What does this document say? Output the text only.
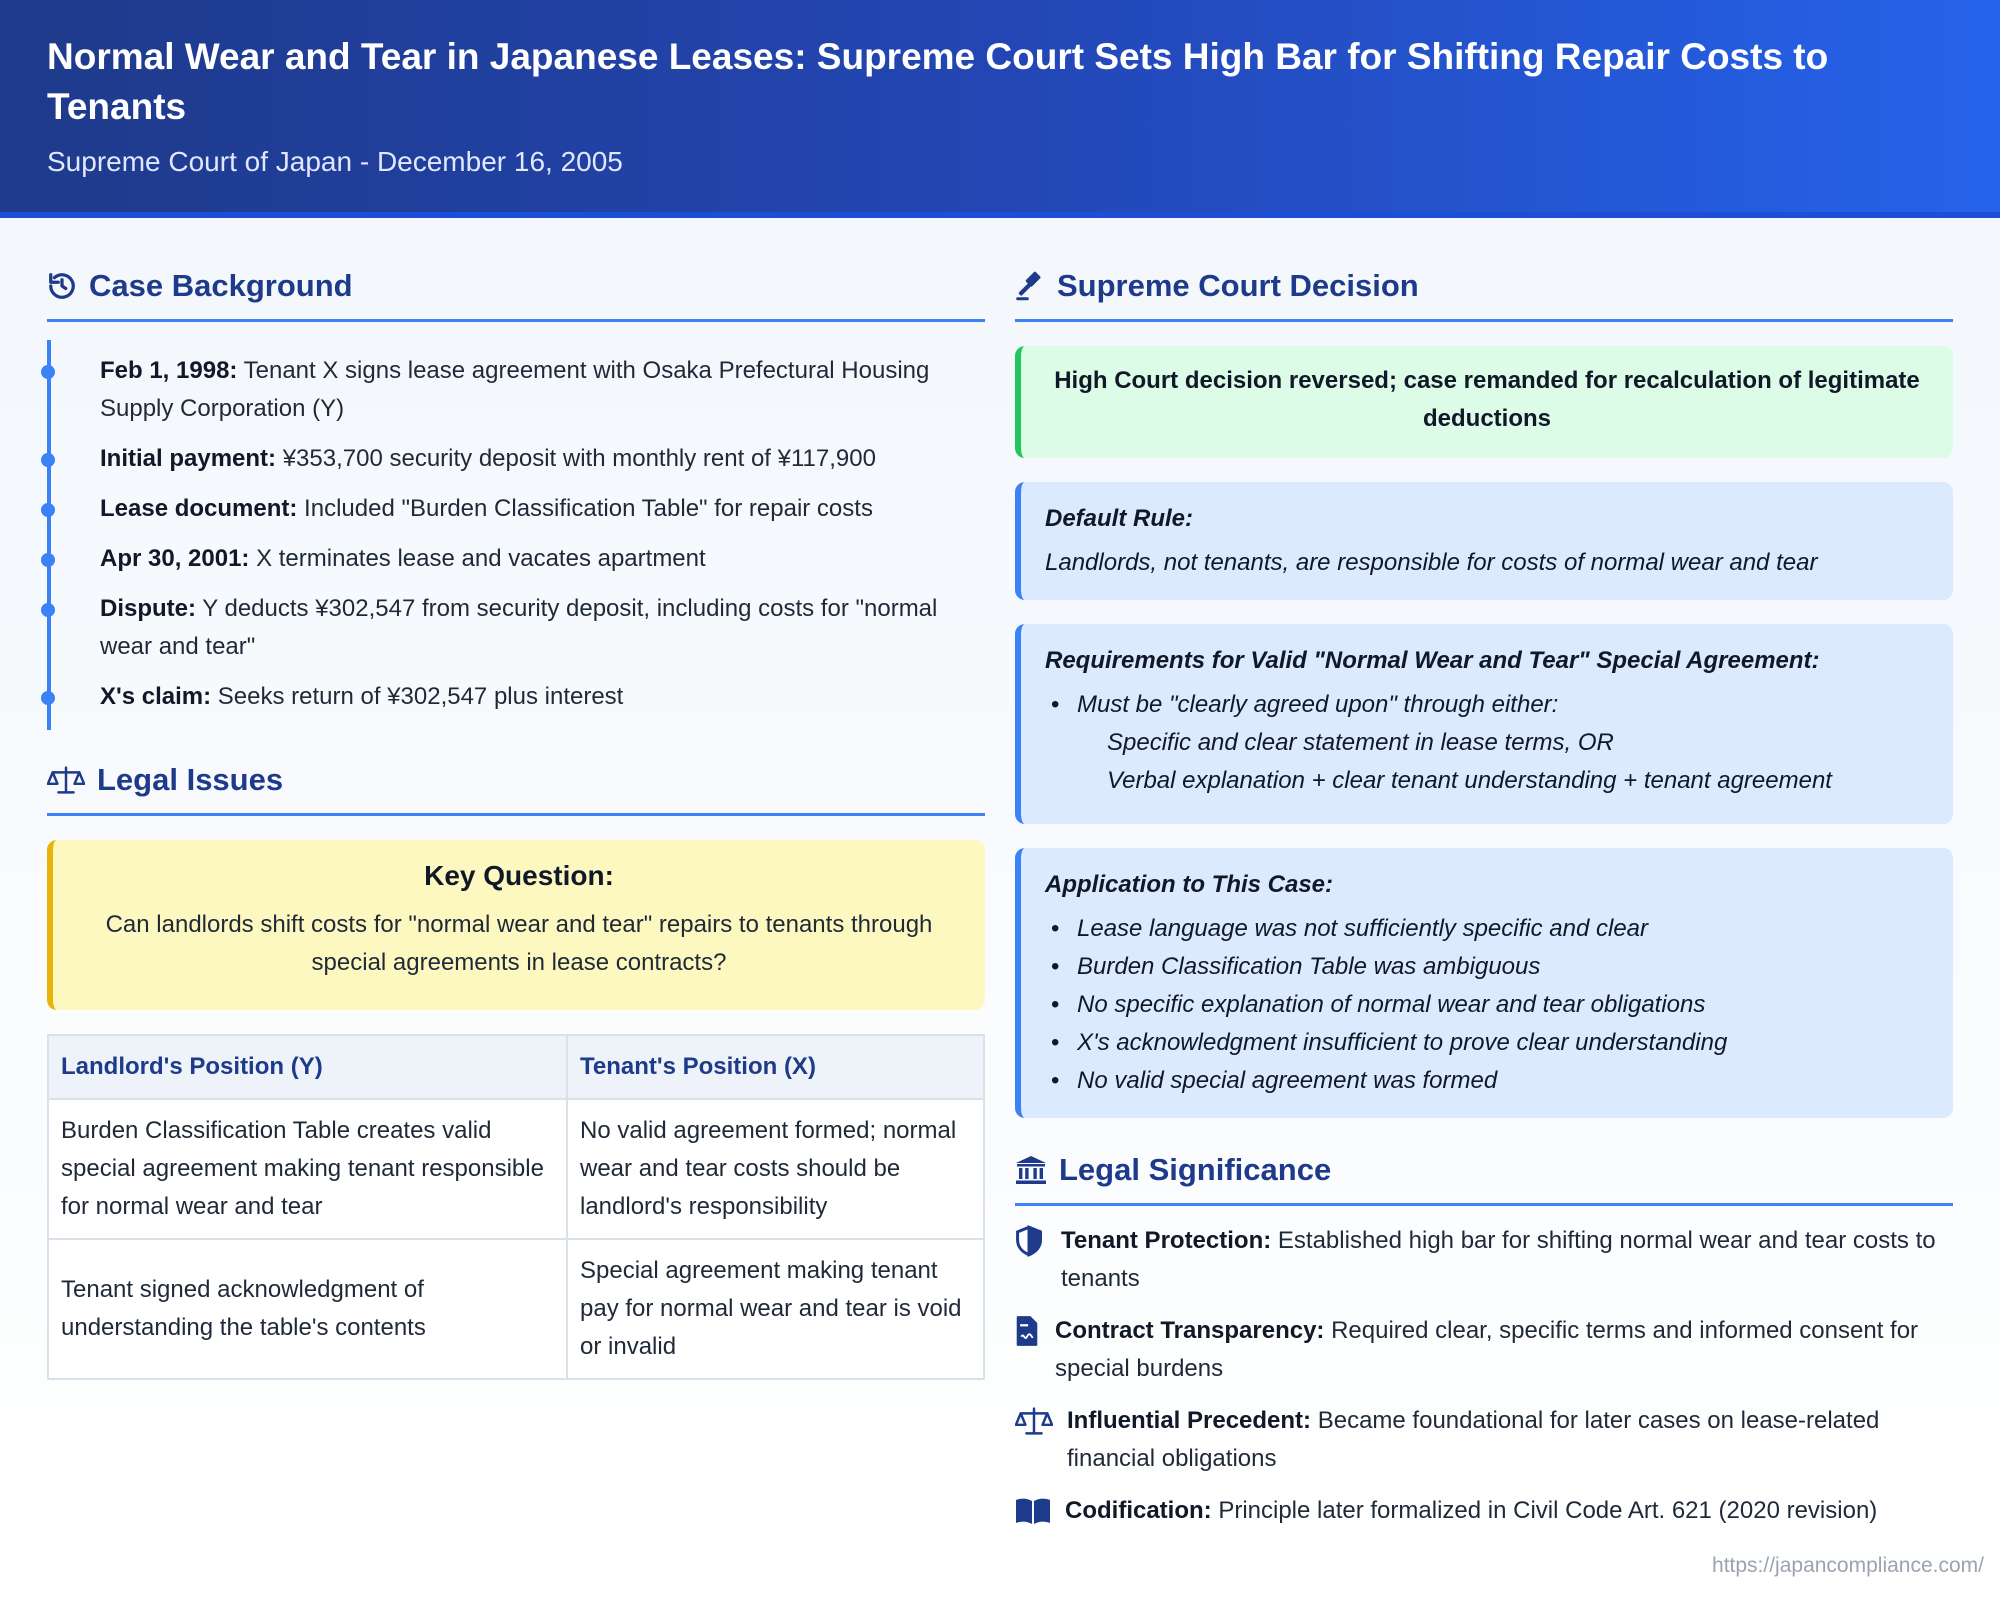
Normal Wear and Tear in Japanese Leases: Supreme Court Sets High Bar for Shifting Repair Costs to Tenants
Supreme Court of Japan - December 16, 2005
Case Background
Feb 1, 1998: Tenant X signs lease agreement with Osaka Prefectural Housing Supply Corporation (Y)
Initial payment: ¥353,700 security deposit with monthly rent of ¥117,900
Lease document: Included "Burden Classification Table" for repair costs
Apr 30, 2001: X terminates lease and vacates apartment
Dispute: Y deducts ¥302,547 from security deposit, including costs for "normal wear and tear"
X's claim: Seeks return of ¥302,547 plus interest
Legal Issues
Key Question:
Can landlords shift costs for "normal wear and tear" repairs to tenants through special agreements in lease contracts?
Landlord's Position (Y)	Tenant's Position (X)
Burden Classification Table creates valid special agreement making tenant responsible for normal wear and tear	No valid agreement formed; normal wear and tear costs should be landlord's responsibility
Tenant signed acknowledgment of understanding the table's contents	Special agreement making tenant pay for normal wear and tear is void or invalid
Supreme Court Decision
High Court decision reversed; case remanded for recalculation of legitimate deductions
Default Rule:
Landlords, not tenants, are responsible for costs of normal wear and tear
Requirements for Valid "Normal Wear and Tear" Special Agreement:
• Must be "clearly agreed upon" through either:
Specific and clear statement in lease terms, OR
Verbal explanation + clear tenant understanding + tenant agreement
Application to This Case:
• Lease language was not sufficiently specific and clear
• Burden Classification Table was ambiguous
• No specific explanation of normal wear and tear obligations
• X's acknowledgment insufficient to prove clear understanding
• No valid special agreement was formed
Legal Significance
Tenant Protection: Established high bar for shifting normal wear and tear costs to tenants
Contract Transparency: Required clear, specific terms and informed consent for special burdens
Influential Precedent: Became foundational for later cases on lease-related financial obligations
Codification: Principle later formalized in Civil Code Art. 621 (2020 revision)
https://japancompliance.com/
